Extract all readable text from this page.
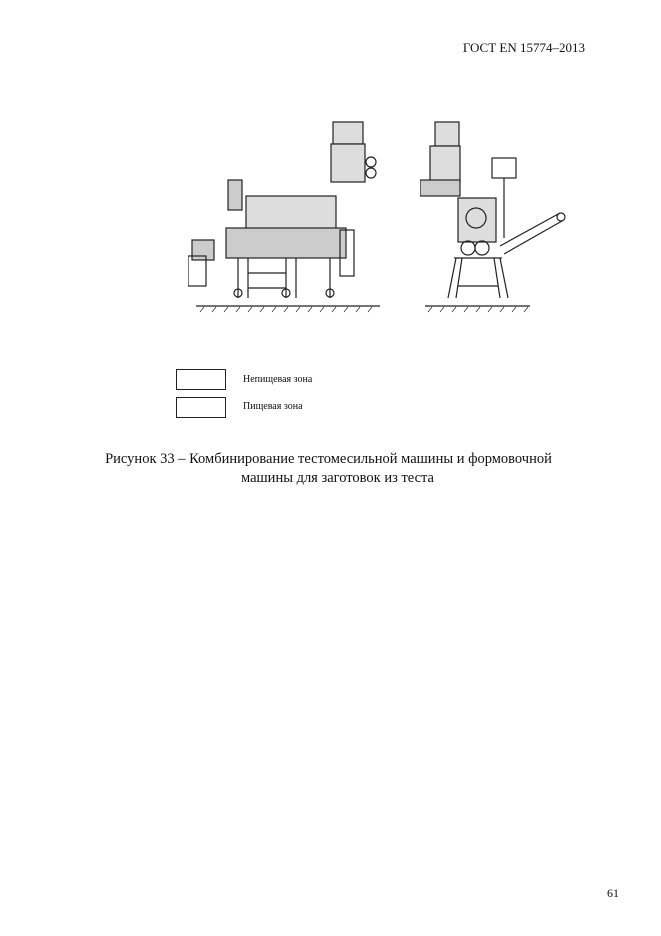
ГОСТ EN 15774–2013
Непищевая зона
Пищевая зона
Рисунок 33 – Комбинирование тестомесильной машины и формовочной
машины для заготовок из теста
61
